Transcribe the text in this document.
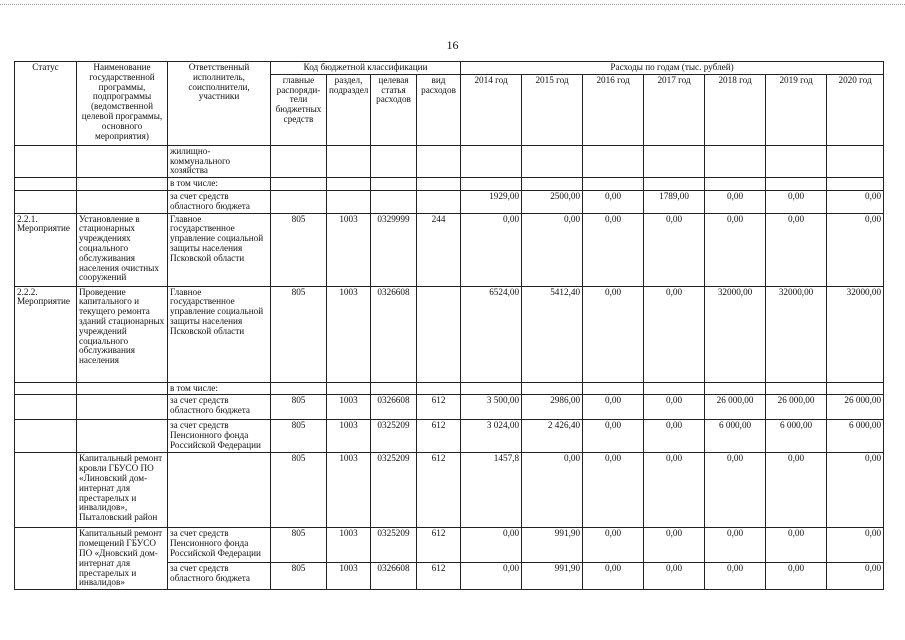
16
Статус	Наименование государственной программы, подпрограммы (ведомственной целевой программы, основного мероприятия)	Ответственный исполнитель, соисполнители, участники	Код бюджетной классификации				Расходы по годам (тыс. рублей)						
			главные распоряди-тели бюджетных средств	раздел, подраздел	целевая статья расходов	вид расходов	2014 год	2015 год	2016 год	2017 год	2018 год	2019 год	2020 год
		жилищно-коммунального хозяйства											
		в том числе:											
		за счет средств областного бюджета					1929,00	2500,00	0,00	1789,00	0,00	0,00	0,00
2.2.1. Мероприятие	Установление в стационарных учреждениях социального обслуживания населения очистных сооружений	Главное государственное управление социальной защиты населения Псковской области	805	1003	0329999	244	0,00	0,00	0,00	0,00	0,00	0,00	0,00
2.2.2. Мероприятие	Проведение капитального и текущего ремонта зданий стационарных учреждений социального обслуживания населения	Главное государственное управление социальной защиты населения Псковской области	805	1003	0326608		6524,00	5412,40	0,00	0,00	32000,00	32000,00	32000,00
		в том числе:											
		за счет средств областного бюджета	805	1003	0326608	612	3 500,00	2986,00	0,00	0,00	26 000,00	26 000,00	26 000,00
		за счет средств Пенсионного фонда Российской Федерации	805	1003	0325209	612	3 024,00	2 426,40	0,00	0,00	6 000,00	6 000,00	6 000,00
	Капитальный ремонт кровли ГБУСО ПО «Линовский дом-интернат для престарелых и инвалидов», Пыталовский район		805	1003	0325209	612	1457,8	0,00	0,00	0,00	0,00	0,00	0,00
	Капитальный ремонт помещений ГБУСО ПО «Дновский дом-интернат для престарелых и инвалидов»	за счет средств Пенсионного фонда Российской Федерации	805	1003	0325209	612	0,00	991,90	0,00	0,00	0,00	0,00	0,00
		за счет средств областного бюджета	805	1003	0326608	612	0,00	991,90	0,00	0,00	0,00	0,00	0,00
